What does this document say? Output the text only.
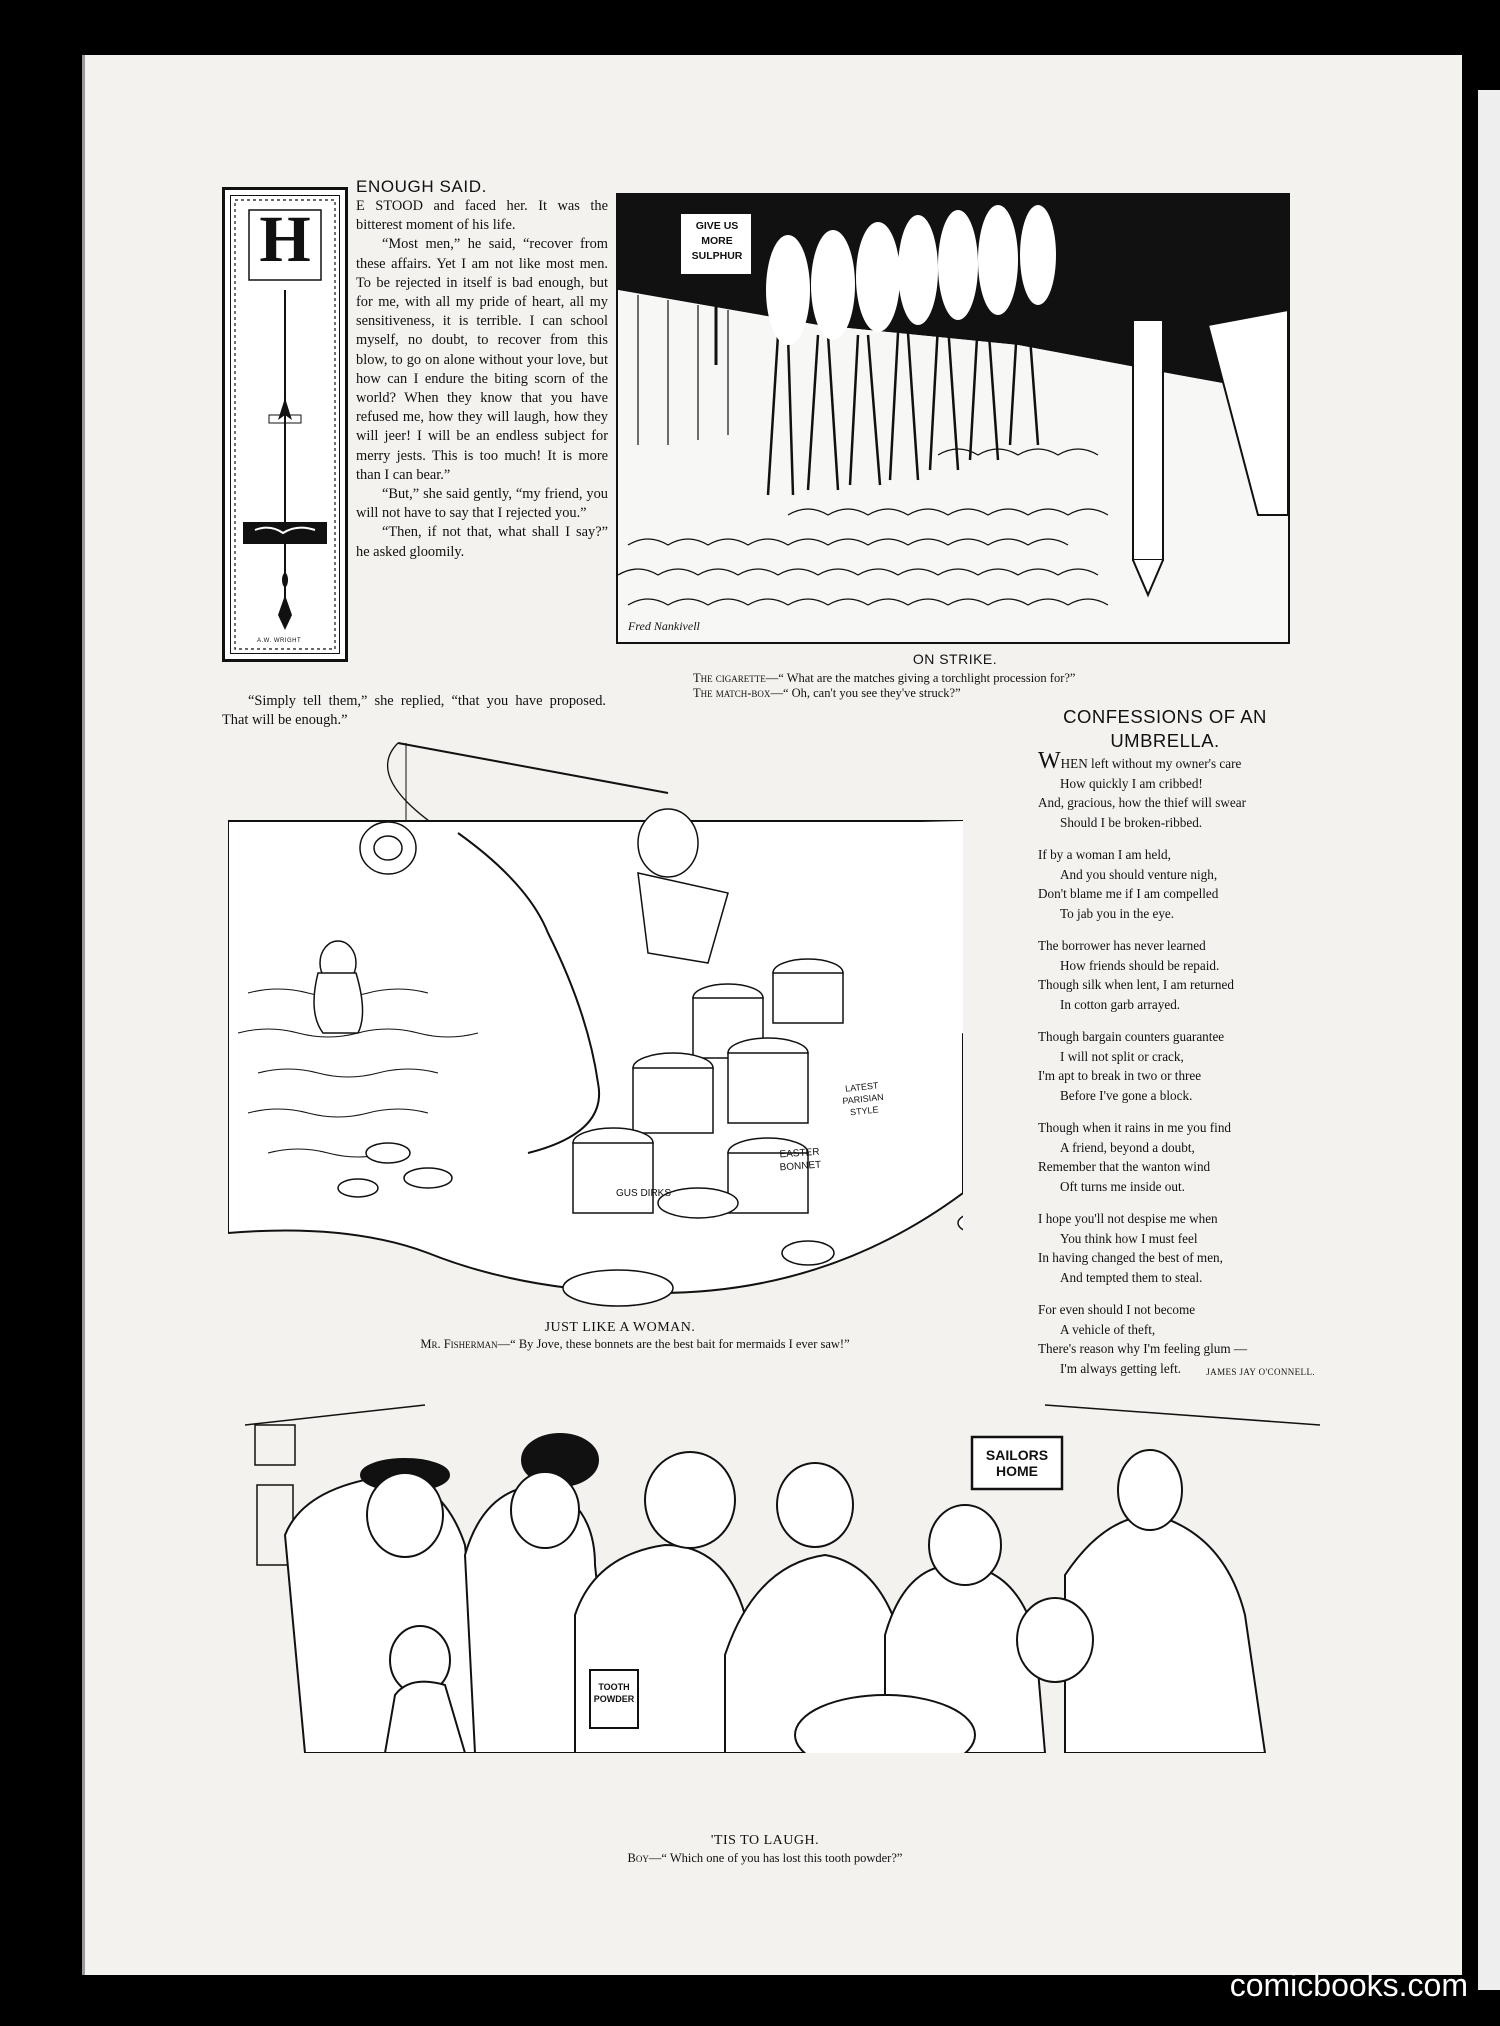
H
A.W. WRIGHT
ENOUGH SAID.

E STOOD and faced her. It was the bitterest moment of his life.

“Most men,” he said, “recover from these affairs. Yet I am not like most men. To be rejected in itself is bad enough, but for me, with all my pride of heart, all my sensitiveness, it is terrible. I can school myself, no doubt, to recover from this blow, to go on alone without your love, but how can I endure the biting scorn of the world? When they know that you have refused me, how they will laugh, how they will jeer! I will be an endless subject for merry jests. This is too much! It is more than I can bear.”

“But,” she said gently, “my friend, you will not have to say that I rejected you.”

“Then, if not that, what shall I say?” he asked gloomily.

“Simply tell them,” she replied, “that you have proposed. That will be enough.”
GIVE US MORE SULPHUR
Fred Nankivell
ON STRIKE.
The cigarette—“ What are the matches giving a torchlight procession for?”
The match-box—“ Oh, can't you see they've struck?”
EASTER BONNET
LATEST PARISIAN STYLE
GUS DIRKS
JUST LIKE A WOMAN.
Mr. Fisherman—“ By Jove, these bonnets are the best bait for mermaids I ever saw!”
CONFESSIONS OF AN
UMBRELLA.

WHEN left without my owner's care

How quickly I am cribbed!

And, gracious, how the thief will swear

Should I be broken-ribbed.

If by a woman I am held,

And you should venture nigh,

Don't blame me if I am compelled

To jab you in the eye.

The borrower has never learned

How friends should be repaid.

Though silk when lent, I am returned

In cotton garb arrayed.

Though bargain counters guarantee

I will not split or crack,

I'm apt to break in two or three

Before I've gone a block.

Though when it rains in me you find

A friend, beyond a doubt,

Remember that the wanton wind

Oft turns me inside out.

I hope you'll not despise me when

You think how I must feel

In having changed the best of men,

And tempted them to steal.

For even should I not become

A vehicle of theft,

There's reason why I'm feeling glum —

I'm always getting left.	JAMES JAY O'CONNELL.
SAILORS HOME
TOOTH POWDER
'TIS TO LAUGH.
Boy—“ Which one of you has lost this tooth powder?”
comicbooks.com
